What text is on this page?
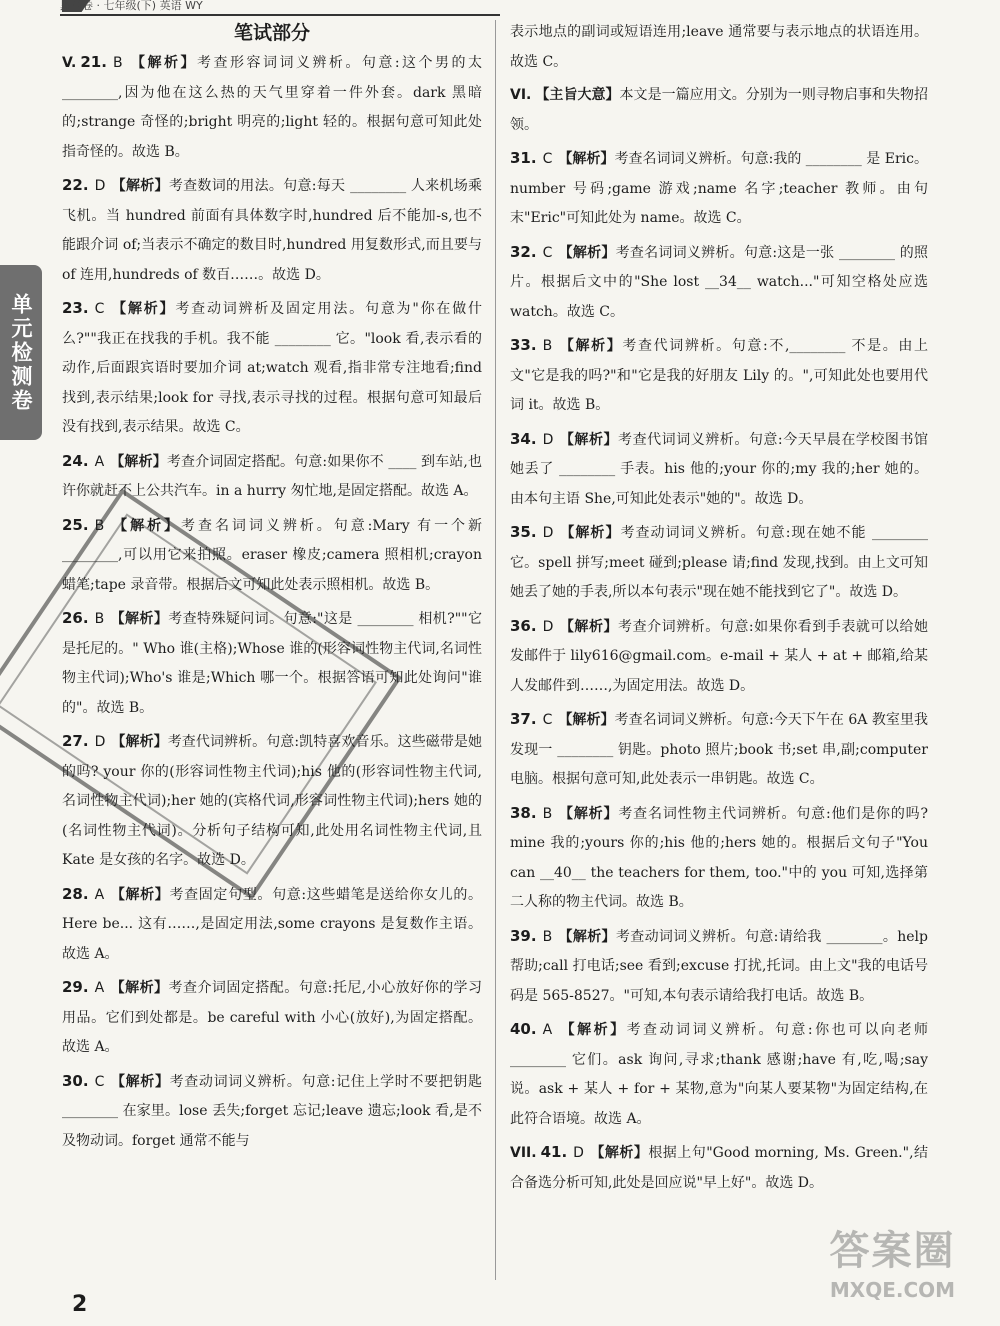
黑马卷 · 七年级(下) 英语 WY
单元检测卷
笔试部分

V. 21. B 【解析】考查形容词词义辨析。句意:这个男的太 ________,因为他在这么热的天气里穿着一件外套。dark 黑暗的;strange 奇怪的;bright 明亮的;light 轻的。根据句意可知此处指奇怪的。故选 B。

22. D 【解析】考查数词的用法。句意:每天 ________ 人来机场乘飞机。当 hundred 前面有具体数字时,hundred 后不能加-s,也不能跟介词 of;当表示不确定的数目时,hundred 用复数形式,而且要与 of 连用,hundreds of 数百……。故选 D。

23. C 【解析】考查动词辨析及固定用法。句意为"你在做什么?""我正在找我的手机。我不能 ________ 它。"look 看,表示看的动作,后面跟宾语时要加介词 at;watch 观看,指非常专注地看;find 找到,表示结果;look for 寻找,表示寻找的过程。根据句意可知最后没有找到,表示结果。故选 C。

24. A 【解析】考查介词固定搭配。句意:如果你不 ____ 到车站,也许你就赶不上公共汽车。in a hurry 匆忙地,是固定搭配。故选 A。

25. B 【解析】考查名词词义辨析。句意:Mary 有一个新 ________,可以用它来拍照。eraser 橡皮;camera 照相机;crayon 蜡笔;tape 录音带。根据后文可知此处表示照相机。故选 B。

26. B 【解析】考查特殊疑问词。句意:"这是 ________ 相机?""它是托尼的。" Who 谁(主格);Whose 谁的(形容词性物主代词,名词性物主代词);Who's 谁是;Which 哪一个。根据答语可知此处询问"谁的"。故选 B。

27. D 【解析】考查代词辨析。句意:凯特喜欢音乐。这些磁带是她的吗? your 你的(形容词性物主代词);his 他的(形容词性物主代词,名词性物主代词);her 她的(宾格代词,形容词性物主代词);hers 她的(名词性物主代词)。分析句子结构可知,此处用名词性物主代词,且 Kate 是女孩的名字。故选 D。

28. A 【解析】考查固定句型。句意:这些蜡笔是送给你女儿的。Here be... 这有……,是固定用法,some crayons 是复数作主语。故选 A。

29. A 【解析】考查介词固定搭配。句意:托尼,小心放好你的学习用品。它们到处都是。be careful with 小心(放好),为固定搭配。故选 A。

30. C 【解析】考查动词词义辨析。句意:记住上学时不要把钥匙 ________ 在家里。lose 丢失;forget 忘记;leave 遗忘;look 看,是不及物动词。forget 通常不能与

表示地点的副词或短语连用;leave 通常要与表示地点的状语连用。故选 C。

VI. 【主旨大意】本文是一篇应用文。分别为一则寻物启事和失物招领。

31. C 【解析】考查名词词义辨析。句意:我的 ________ 是 Eric。number 号码;game 游戏;name 名字;teacher 教师。由句末"Eric"可知此处为 name。故选 C。

32. C 【解析】考查名词词义辨析。句意:这是一张 ________ 的照片。根据后文中的"She lost __34__ watch..."可知空格处应选 watch。故选 C。

33. B 【解析】考查代词辨析。句意:不,________ 不是。由上文"它是我的吗?"和"它是我的好朋友 Lily 的。",可知此处也要用代词 it。故选 B。

34. D 【解析】考查代词词义辨析。句意:今天早晨在学校图书馆她丢了 ________ 手表。his 他的;your 你的;my 我的;her 她的。由本句主语 She,可知此处表示"她的"。故选 D。

35. D 【解析】考查动词词义辨析。句意:现在她不能 ________ 它。spell 拼写;meet 碰到;please 请;find 发现,找到。由上文可知她丢了她的手表,所以本句表示"现在她不能找到它了"。故选 D。

36. D 【解析】考查介词辨析。句意:如果你看到手表就可以给她发邮件于 lily616@gmail.com。e-mail + 某人 + at + 邮箱,给某人发邮件到……,为固定用法。故选 D。

37. C 【解析】考查名词词义辨析。句意:今天下午在 6A 教室里我发现一 ________ 钥匙。photo 照片;book 书;set 串,副;computer 电脑。根据句意可知,此处表示一串钥匙。故选 C。

38. B 【解析】考查名词性物主代词辨析。句意:他们是你的吗? mine 我的;yours 你的;his 他的;hers 她的。根据后文句子"You can __40__ the teachers for them, too."中的 you 可知,选择第二人称的物主代词。故选 B。

39. B 【解析】考查动词词义辨析。句意:请给我 ________。help 帮助;call 打电话;see 看到;excuse 打扰,托词。由上文"我的电话号码是 565-8527。"可知,本句表示请给我打电话。故选 B。

40. A 【解析】考查动词词义辨析。句意:你也可以向老师 ________ 它们。ask 询问,寻求;thank 感谢;have 有,吃,喝;say 说。ask + 某人 + for + 某物,意为"向某人要某物"为固定结构,在此符合语境。故选 A。

VII. 41. D 【解析】根据上句"Good morning, Ms. Green.",结合备选分析可知,此处是回应说"早上好"。故选 D。

2
答案圈
MXQE.COM
